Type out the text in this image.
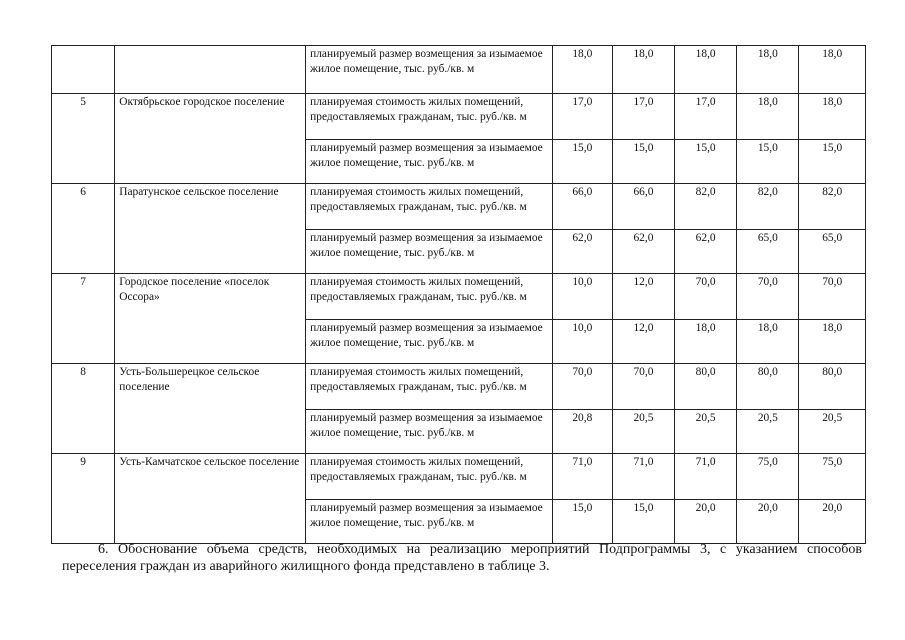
		планируемый размер возмещения за изымаемое жилое помещение, тыс. руб./кв. м	18,0	18,0	18,0	18,0	18,0
5	Октябрьское городское поселение	планируемая стоимость жилых помещений, предоставляемых гражданам, тыс. руб./кв. м	17,0	17,0	17,0	18,0	18,0
		планируемый размер возмещения за изымаемое жилое помещение, тыс. руб./кв. м	15,0	15,0	15,0	15,0	15,0
6	Паратунское сельское поселение	планируемая стоимость жилых помещений, предоставляемых гражданам, тыс. руб./кв. м	66,0	66,0	82,0	82,0	82,0
		планируемый размер возмещения за изымаемое жилое помещение, тыс. руб./кв. м	62,0	62,0	62,0	65,0	65,0
7	Городское поселение «поселок Оссора»	планируемая стоимость жилых помещений, предоставляемых гражданам, тыс. руб./кв. м	10,0	12,0	70,0	70,0	70,0
		планируемый размер возмещения за изымаемое жилое помещение, тыс. руб./кв. м	10,0	12,0	18,0	18,0	18,0
8	Усть-Большерецкое сельское поселение	планируемая стоимость жилых помещений, предоставляемых гражданам, тыс. руб./кв. м	70,0	70,0	80,0	80,0	80,0
		планируемый размер возмещения за изымаемое жилое помещение, тыс. руб./кв. м	20,8	20,5	20,5	20,5	20,5
9	Усть-Камчатское сельское поселение	планируемая стоимость жилых помещений, предоставляемых гражданам, тыс. руб./кв. м	71,0	71,0	71,0	75,0	75,0
		планируемый размер возмещения за изымаемое жилое помещение, тыс. руб./кв. м	15,0	15,0	20,0	20,0	20,0
6. Обоснование объема средств, необходимых на реализацию мероприятий Подпрограммы 3, с указанием способов переселения граждан из аварийного жилищного фонда представлено в таблице 3.
